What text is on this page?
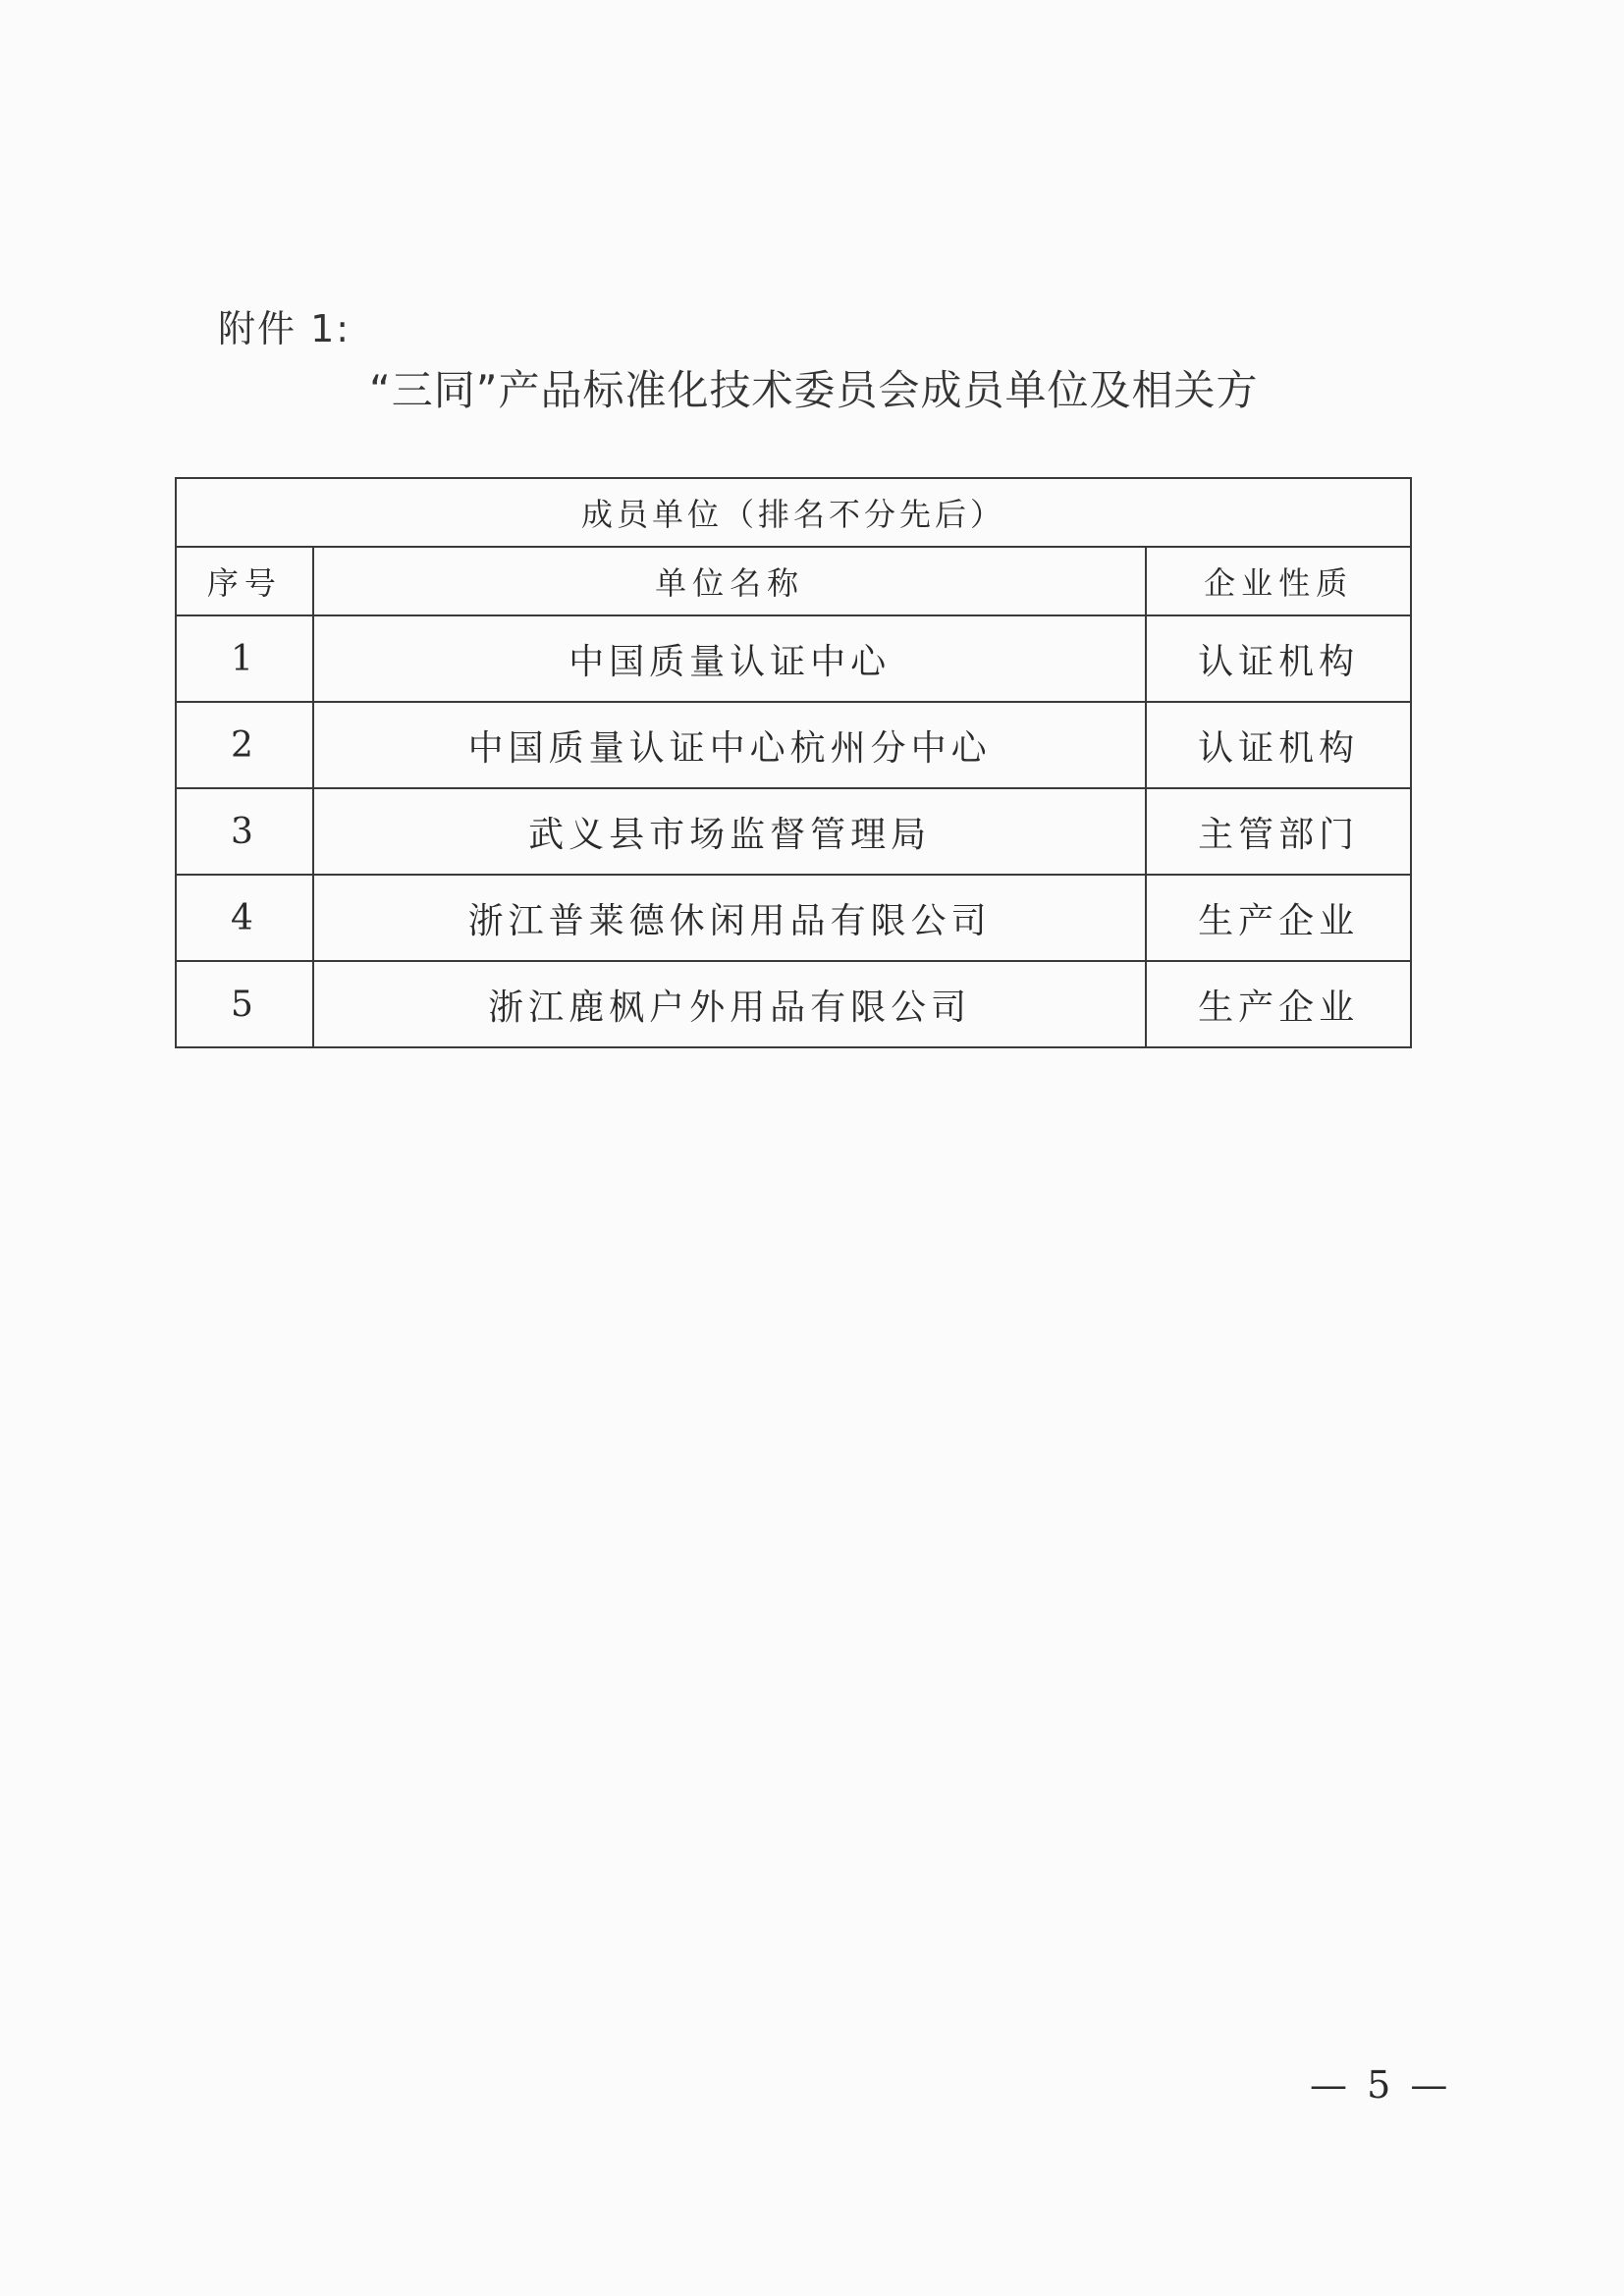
附件 1:
“三同”产品标准化技术委员会成员单位及相关方
成员单位（排名不分先后）		
序号	单位名称	企业性质
1	中国质量认证中心	认证机构
2	中国质量认证中心杭州分中心	认证机构
3	武义县市场监督管理局	主管部门
4	浙江普莱德休闲用品有限公司	生产企业
5	浙江鹿枫户外用品有限公司	生产企业
— 5 —
